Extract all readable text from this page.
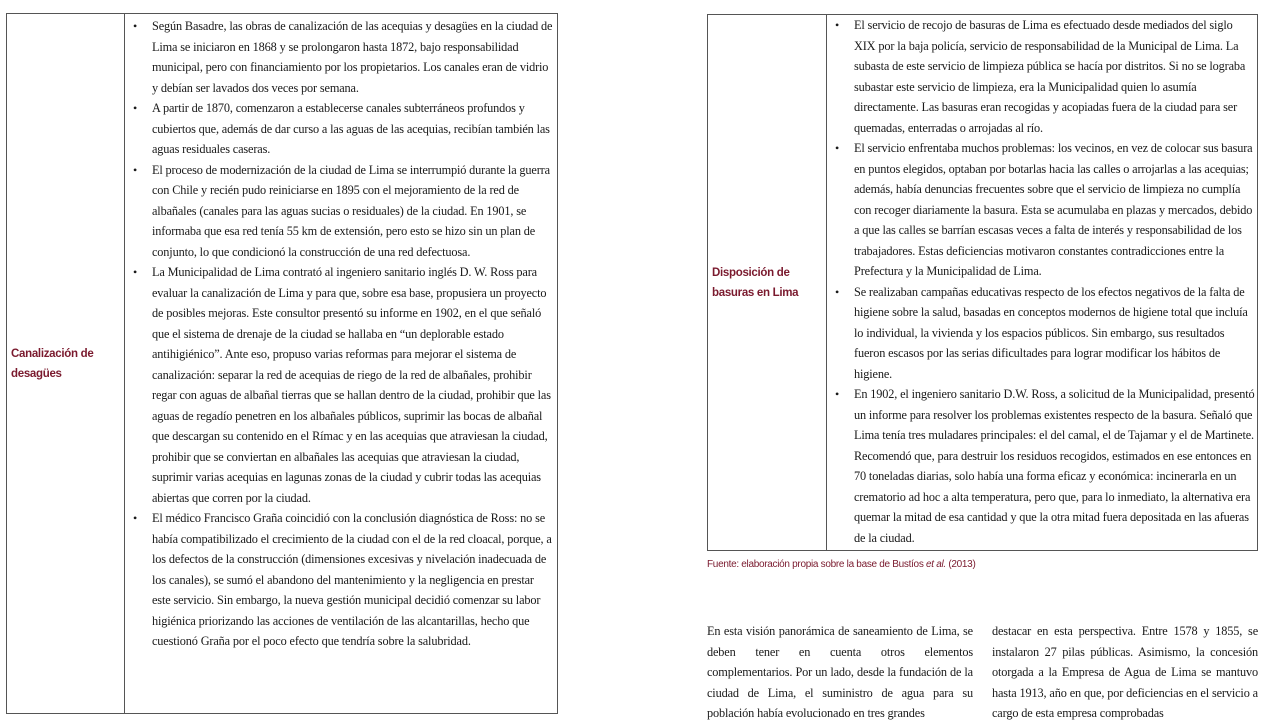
Canalización de
desagües
• Según Basadre, las obras de canalización de las acequias y desagües en la ciudad de Lima se iniciaron en 1868 y se prolongaron hasta 1872, bajo responsabilidad municipal, pero con financiamiento por los propietarios. Los canales eran de vidrio y debían ser lavados dos veces por semana.
• A partir de 1870, comenzaron a establecerse canales subterráneos profundos y cubiertos que, además de dar curso a las aguas de las acequias, recibían también las aguas residuales caseras.
• El proceso de modernización de la ciudad de Lima se interrumpió durante la guerra con Chile y recién pudo reiniciarse en 1895 con el mejoramiento de la red de albañales (canales para las aguas sucias o residuales) de la ciudad. En 1901, se informaba que esa red tenía 55 km de extensión, pero esto se hizo sin un plan de conjunto, lo que condicionó la construcción de una red defectuosa.
• La Municipalidad de Lima contrató al ingeniero sanitario inglés D. W. Ross para evaluar la canalización de Lima y para que, sobre esa base, propusiera un proyecto de posibles mejoras. Este consultor presentó su informe en 1902, en el que señaló que el sistema de drenaje de la ciudad se hallaba en “un deplorable estado antihigiénico”. Ante eso, propuso varias reformas para mejorar el sistema de canalización: separar la red de acequias de riego de la red de albañales, prohibir regar con aguas de albañal tierras que se hallan dentro de la ciudad, prohibir que las aguas de regadío penetren en los albañales públicos, suprimir las bocas de albañal que descargan su contenido en el Rímac y en las acequias que atraviesan la ciudad, prohibir que se conviertan en albañales las acequias que atraviesan la ciudad, suprimir varias acequias en lagunas zonas de la ciudad y cubrir todas las acequias abiertas que corren por la ciudad.
• El médico Francisco Graña coincidió con la conclusión diagnóstica de Ross: no se había compatibilizado el crecimiento de la ciudad con el de la red cloacal, porque, a los defectos de la construcción (dimensiones excesivas y nivelación inadecuada de los canales), se sumó el abandono del mantenimiento y la negligencia en prestar este servicio. Sin embargo, la nueva gestión municipal decidió comenzar su labor higiénica priorizando las acciones de ventilación de las alcantarillas, hecho que cuestionó Graña por el poco efecto que tendría sobre la salubridad.
Disposición de
basuras en Lima
• El servicio de recojo de basuras de Lima es efectuado desde mediados del siglo XIX por la baja policía, servicio de responsabilidad de la Municipal de Lima. La subasta de este servicio de limpieza pública se hacía por distritos. Si no se lograba subastar este servicio de limpieza, era la Municipalidad quien lo asumía directamente. Las basuras eran recogidas y acopiadas fuera de la ciudad para ser quemadas, enterradas o arrojadas al río.
• El servicio enfrentaba muchos problemas: los vecinos, en vez de colocar sus basura en puntos elegidos, optaban por botarlas hacia las calles o arrojarlas a las acequias; además, había denuncias frecuentes sobre que el servicio de limpieza no cumplía con recoger diariamente la basura. Esta se acumulaba en plazas y mercados, debido a que las calles se barrían escasas veces a falta de interés y responsabilidad de los trabajadores. Estas deficiencias motivaron constantes contradicciones entre la Prefectura y la Municipalidad de Lima.
• Se realizaban campañas educativas respecto de los efectos negativos de la falta de higiene sobre la salud, basadas en conceptos modernos de higiene total que incluía lo individual, la vivienda y los espacios públicos. Sin embargo, sus resultados fueron escasos por las serias dificultades para lograr modificar los hábitos de higiene.
• En 1902, el ingeniero sanitario D.W. Ross, a solicitud de la Municipalidad, presentó un informe para resolver los problemas existentes respecto de la basura. Señaló que Lima tenía tres muladares principales: el del camal, el de Tajamar y el de Martinete. Recomendó que, para destruir los residuos recogidos, estimados en ese entonces en 70 toneladas diarias, solo había una forma eficaz y económica: incinerarla en un crematorio ad hoc a alta temperatura, pero que, para lo inmediato, la alternativa era quemar la mitad de esa cantidad y que la otra mitad fuera depositada en las afueras de la ciudad.
Fuente: elaboración propia sobre la base de Bustíos et al. (2013)
En esta visión panorámica de saneamiento de Lima, se deben tener en cuenta otros elementos complementarios. Por un lado, desde la fundación de la ciudad de Lima, el suministro de agua para su población había evolucionado en tres grandes
destacar en esta perspectiva. Entre 1578 y 1855, se instalaron 27 pilas públicas. Asimismo, la concesión otorgada a la Empresa de Agua de Lima se mantuvo hasta 1913, año en que, por deficiencias en el servicio a cargo de esta empresa comprobadas
